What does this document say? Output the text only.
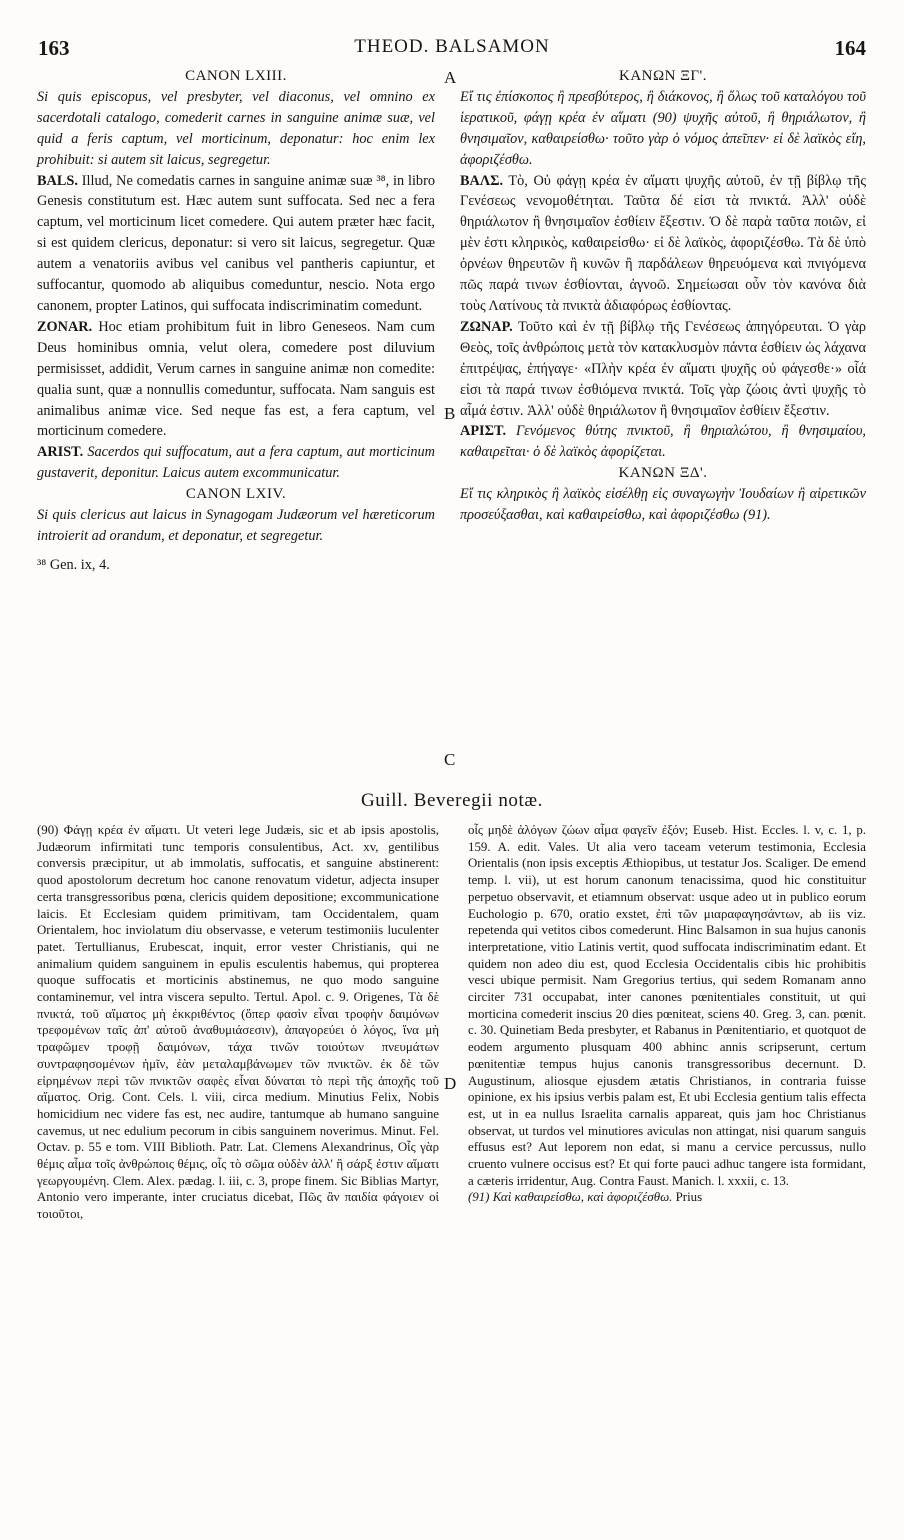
163	THEOD. BALSAMON	164
A
B
C
D
CANON LXIII.

Si quis episcopus, vel presbyter, vel diaconus, vel omnino ex sacerdotali catalogo, comederit carnes in sanguine animæ suæ, vel quid a feris captum, vel morticinum, deponatur: hoc enim lex prohibuit: si autem sit laicus, segregetur.

BALS. Illud, Ne comedatis carnes in sanguine animæ suæ ³⁸, in libro Genesis constitutum est. Hæc autem sunt suffocata. Sed nec a fera captum, vel morticinum licet comedere. Qui autem præter hæc facit, si est quidem clericus, deponatur: si vero sit laicus, segregetur. Quæ autem a venatoriis avibus vel canibus vel pantheris capiuntur, et suffocantur, quomodo ab aliquibus comeduntur, nescio. Nota ergo canonem, propter Latinos, qui suffocata indiscriminatim comedunt.

ZONAR. Hoc etiam prohibitum fuit in libro Geneseos. Nam cum Deus hominibus omnia, velut olera, comedere post diluvium permisisset, addidit, Verum carnes in sanguine animæ non comedite: qualia sunt, quæ a nonnullis comeduntur, suffocata. Nam sanguis est animalibus animæ vice. Sed neque fas est, a fera captum, vel morticinum comedere.

ARIST. Sacerdos qui suffocatum, aut a fera captum, aut morticinum gustaverit, deponitur. Laicus autem excommunicatur.

CANON LXIV.

Si quis clericus aut laicus in Synagogam Judæorum vel hæreticorum introierit ad orandum, et deponatur, et segregetur.

³⁸ Gen. ix, 4.
ΚΑΝΩΝ ΞΓ'.

Εἴ τις ἐπίσκοπος ἢ πρεσβύτερος, ἢ διάκονος, ἢ ὅλως τοῦ καταλόγου τοῦ ἱερατικοῦ, φάγῃ κρέα ἐν αἵματι (90) ψυχῆς αὐτοῦ, ἢ θηριάλωτον, ἢ θνησιμαῖον, καθαιρείσθω· τοῦτο γὰρ ὁ νόμος ἀπεῖπεν· εἰ δὲ λαϊκὸς εἴη, ἀφοριζέσθω.

ΒΑΛΣ. Τὸ, Οὐ φάγῃ κρέα ἐν αἵματι ψυχῆς αὐτοῦ, ἐν τῇ βίβλῳ τῆς Γενέσεως νενομοθέτηται. Ταῦτα δέ εἰσι τὰ πνικτά. Ἀλλ' οὐδὲ θηριάλωτον ἢ θνησιμαῖον ἐσθίειν ἔξεστιν. Ὁ δὲ παρὰ ταῦτα ποιῶν, εἰ μὲν ἐστι κληρικὸς, καθαιρείσθω· εἰ δὲ λαϊκὸς, ἀφοριζέσθω. Τὰ δὲ ὑπὸ ὀρνέων θηρευτῶν ἢ κυνῶν ἢ παρδάλεων θηρευόμενα καὶ πνιγόμενα πῶς παρά τινων ἐσθίονται, ἀγνοῶ. Σημείωσαι οὖν τὸν κανόνα διὰ τοὺς Λατίνους τὰ πνικτὰ ἀδιαφόρως ἐσθίοντας.

ΖΩΝΑΡ. Τοῦτο καὶ ἐν τῇ βίβλῳ τῆς Γενέσεως ἀπηγόρευται. Ὁ γὰρ Θεὸς, τοῖς ἀνθρώποις μετὰ τὸν κατακλυσμὸν πάντα ἐσθίειν ὡς λάχανα ἐπιτρέψας, ἐπήγαγε· «Πλὴν κρέα ἐν αἵματι ψυχῆς οὐ φάγεσθε·» οἷά εἰσι τὰ παρά τινων ἐσθιόμενα πνικτά. Τοῖς γὰρ ζώοις ἀντὶ ψυχῆς τὸ αἷμά ἐστιν. Ἀλλ' οὐδὲ θηριάλωτον ἢ θνησιμαῖον ἐσθίειν ἔξεστιν.

ΑΡΙΣΤ. Γενόμενος θύτης πνικτοῦ, ἢ θηριαλώτου, ἢ θνησιμαίου, καθαιρεῖται· ὁ δὲ λαϊκὸς ἀφορίζεται.

ΚΑΝΩΝ ΞΔ'.

Εἴ τις κληρικὸς ἢ λαϊκὸς εἰσέλθῃ εἰς συναγωγὴν Ἰουδαίων ἢ αἱρετικῶν προσεύξασθαι, καὶ καθαιρείσθω, καὶ ἀφοριζέσθω (91).

Guill. Beveregii notæ.

(90) Φάγῃ κρέα ἐν αἵματι. Ut veteri lege Judæis, sic et ab ipsis apostolis, Judæorum infirmitati tunc temporis consulentibus, Act. xv, gentilibus conversis præcipitur, ut ab immolatis, suffocatis, et sanguine abstinerent: quod apostolorum decretum hoc canone renovatum videtur, adjecta insuper certa transgressoribus pœna, clericis quidem depositione; excommunicatione laicis. Et Ecclesiam quidem primitivam, tam Occidentalem, quam Orientalem, hoc inviolatum diu observasse, e veterum testimoniis luculenter patet. Tertullianus, Erubescat, inquit, error vester Christianis, qui ne animalium quidem sanguinem in epulis esculentis habemus, qui propterea quoque suffocatis et morticinis abstinemus, ne quo modo sanguine contaminemur, vel intra viscera sepulto. Tertul. Apol. c. 9. Origenes, Τὰ δὲ πνικτά, τοῦ αἵματος μὴ ἐκκριθέντος (ὅπερ φασὶν εἶναι τροφὴν δαιμόνων τρεφομένων ταῖς ἀπ' αὐτοῦ ἀναθυμιάσεσιν), ἀπαγορεύει ὁ λόγος, ἵνα μὴ τραφῶμεν τροφῇ δαιμόνων, τάχα τινῶν τοιούτων πνευμάτων συντραφησομένων ἡμῖν, ἐὰν μεταλαμβάνωμεν τῶν πνικτῶν. ἐκ δὲ τῶν εἰρημένων περὶ τῶν πνικτῶν σαφὲς εἶναι δύναται τὸ περὶ τῆς ἀποχῆς τοῦ αἵματος. Orig. Cont. Cels. l. viii, circa medium. Minutius Felix, Nobis homicidium nec videre fas est, nec audire, tantumque ab humano sanguine cavemus, ut nec edulium pecorum in cibis sanguinem noverimus. Minut. Fel. Octav. p. 55 e tom. VIII Biblioth. Patr. Lat. Clemens Alexandrinus, Οἷς γὰρ θέμις αἷμα τοῖς ἀνθρώποις θέμις, οἷς τὸ σῶμα οὐδὲν ἀλλ' ἢ σάρξ ἐστιν αἵματι γεωργουμένη. Clem. Alex. pædag. l. iii, c. 3, prope finem. Sic Biblias Martyr, Antonio vero imperante, inter cruciatus dicebat, Πῶς ἂν παιδία φάγοιεν οἱ τοιοῦτοι,

οἷς μηδὲ ἀλόγων ζώων αἷμα φαγεῖν ἐξόν; Euseb. Hist. Eccles. l. v, c. 1, p. 159. A. edit. Vales. Ut alia vero taceam veterum testimonia, Ecclesia Orientalis (non ipsis exceptis Æthiopibus, ut testatur Jos. Scaliger. De emend temp. l. vii), ut est horum canonum tenacissima, quod hic constituitur perpetuo observavit, et etiamnum observat: usque adeo ut in publico eorum Euchologio p. 670, oratio exstet, ἐπὶ τῶν μιαραφαγησάντων, ab iis viz. repetenda qui vetitos cibos comederunt. Hinc Balsamon in sua hujus canonis interpretatione, vitio Latinis vertit, quod suffocata indiscriminatim edant. Et quidem non adeo diu est, quod Ecclesia Occidentalis cibis hic prohibitis vesci ubique permisit. Nam Gregorius tertius, qui sedem Romanam anno circiter 731 occupabat, inter canones pœnitentiales constituit, ut qui morticina comederit inscius 20 dies pœniteat, sciens 40. Greg. 3, can. pœnit. c. 30. Quinetiam Beda presbyter, et Rabanus in Pœnitentiario, et quotquot de eodem argumento plusquam 400 abhinc annis scripserunt, certum pœnitentiæ tempus hujus canonis transgressoribus decernunt. D. Augustinum, aliosque ejusdem ætatis Christianos, in contraria fuisse opinione, ex his ipsius verbis palam est, Et ubi Ecclesia gentium talis effecta est, ut in ea nullus Israelita carnalis appareat, quis jam hoc Christianus observat, ut turdos vel minutiores aviculas non attingat, nisi quarum sanguis effusus est? Aut leporem non edat, si manu a cervice percussus, nullo cruento vulnere occisus est? Et qui forte pauci adhuc tangere ista formidant, a cæteris irridentur, Aug. Contra Faust. Manich. l. xxxii, c. 13.

(91) Καὶ καθαιρείσθω, καὶ ἀφοριζέσθω. Prius
